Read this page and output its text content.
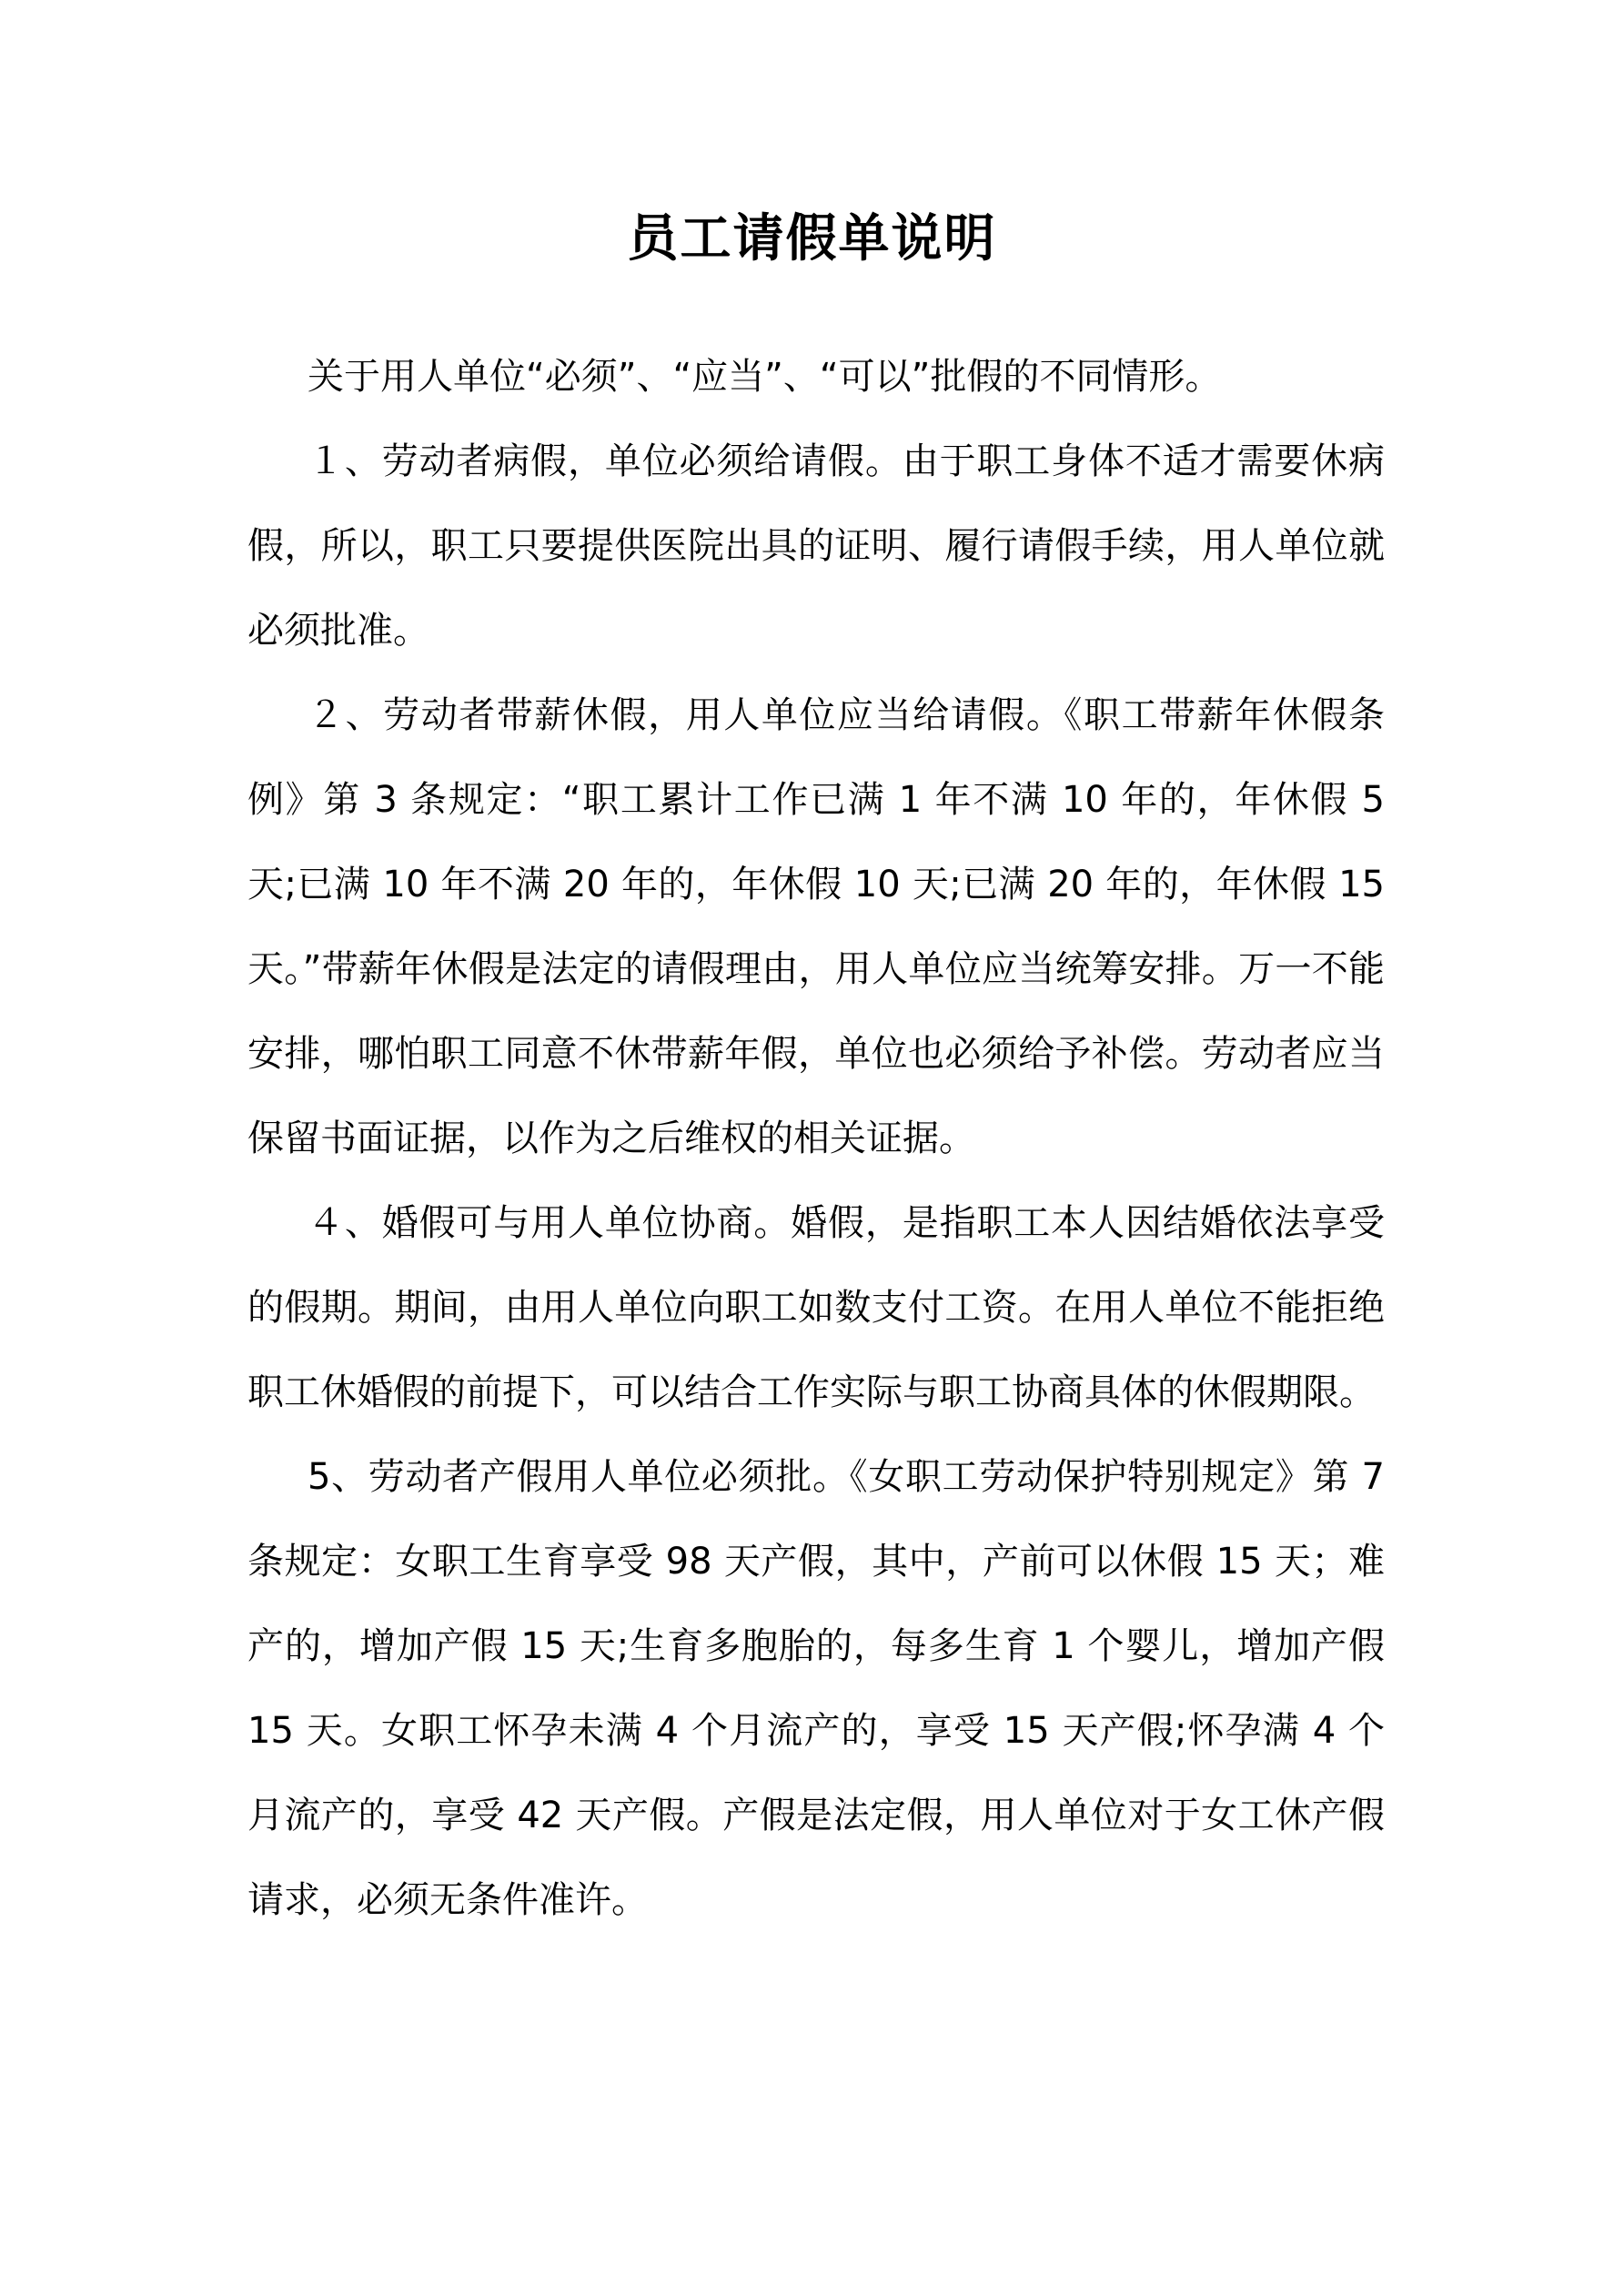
员工请假单说明

关于用人单位“必须”、“应当”、“可以”批假的不同情形。

１、劳动者病假，单位必须给请假。由于职工身体不适才需要休病假，所以，职工只要提供医院出具的证明、履行请假手续，用人单位就必须批准。

２、劳动者带薪休假，用人单位应当给请假。《职工带薪年休假条例》第 3 条规定：“职工累计工作已满 1 年不满 10 年的，年休假 5 天;已满 10 年不满 20 年的，年休假 10 天;已满 20 年的，年休假 15 天。”带薪年休假是法定的请假理由，用人单位应当统筹安排。万一不能安排，哪怕职工同意不休带薪年假，单位也必须给予补偿。劳动者应当保留书面证据，以作为之后维权的相关证据。

４、婚假可与用人单位协商。婚假，是指职工本人因结婚依法享受的假期。期间，由用人单位向职工如数支付工资。在用人单位不能拒绝职工休婚假的前提下，可以结合工作实际与职工协商具体的休假期限。

5、劳动者产假用人单位必须批。《女职工劳动保护特别规定》第 7 条规定：女职工生育享受 98 天产假，其中，产前可以休假 15 天；难产的，增加产假 15 天;生育多胞胎的，每多生育 1 个婴儿，增加产假 15 天。女职工怀孕未满 4 个月流产的，享受 15 天产假;怀孕满 4 个月流产的，享受 42 天产假。产假是法定假，用人单位对于女工休产假请求，必须无条件准许。
